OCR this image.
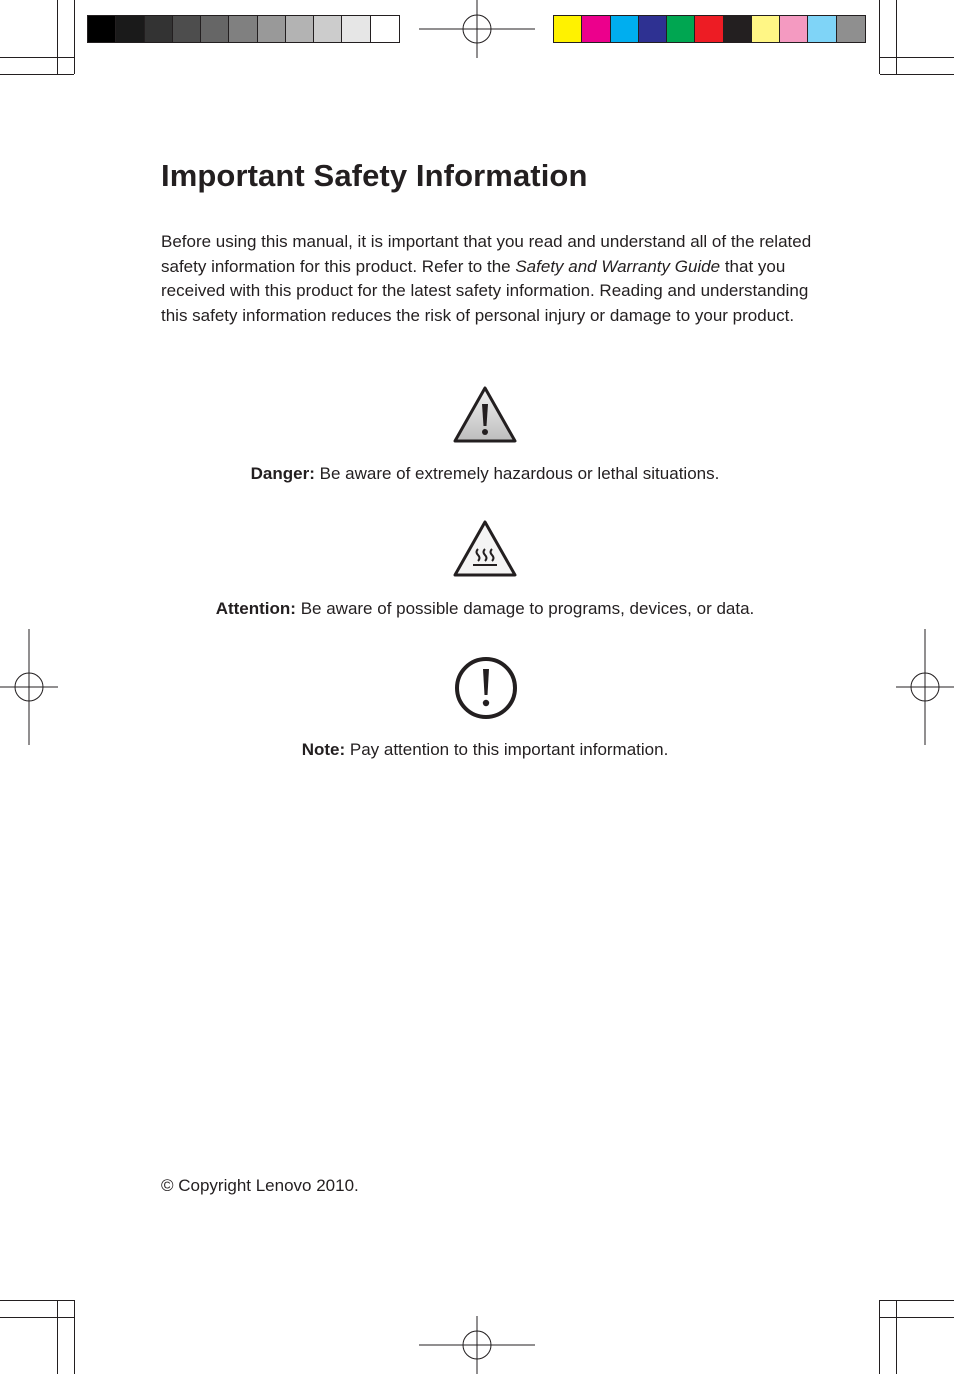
Important Safety Information

Before using this manual, it is important that you read and understand all of the related safety information for this product. Refer to the Safety and Warranty Guide that you received with this product for the latest safety information. Reading and understanding this safety information reduces the risk of personal injury or damage to your product.

Danger: Be aware of extremely hazardous or lethal situations.

Attention: Be aware of possible damage to programs, devices, or data.

Note: Pay attention to this important information.

© Copyright Lenovo 2010.
